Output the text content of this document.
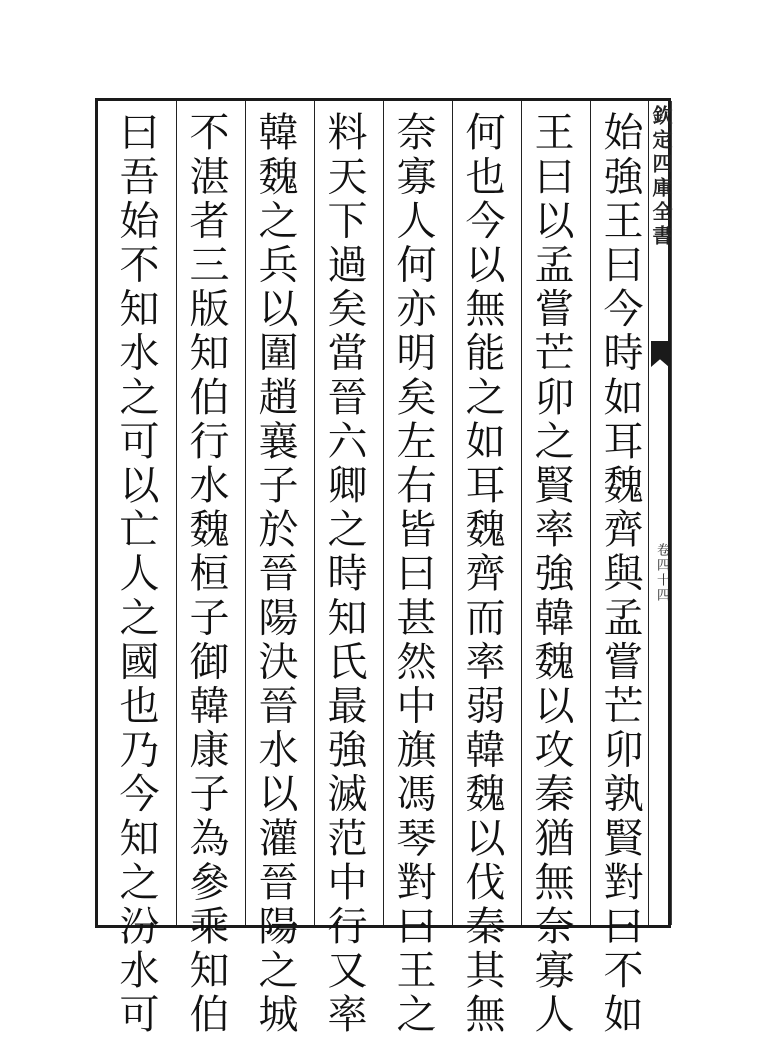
始強王曰今時如耳魏齊與孟嘗芒卯孰賢對曰不如
王曰以孟嘗芒卯之賢率強韓魏以攻秦猶無奈寡人
何也今以無能之如耳魏齊而率弱韓魏以伐秦其無
奈寡人何亦明矣左右皆曰甚然中旗馮琴對曰王之
料天下過矣當晉六卿之時知氏最強滅范中行又率
韓魏之兵以圍趙襄子於晉陽決晉水以灌晉陽之城
不湛者三版知伯行水魏桓子御韓康子為參乘知伯
曰吾始不知水之可以亡人之國也乃今知之汾水可	欽定四庫全書
卷四十四
